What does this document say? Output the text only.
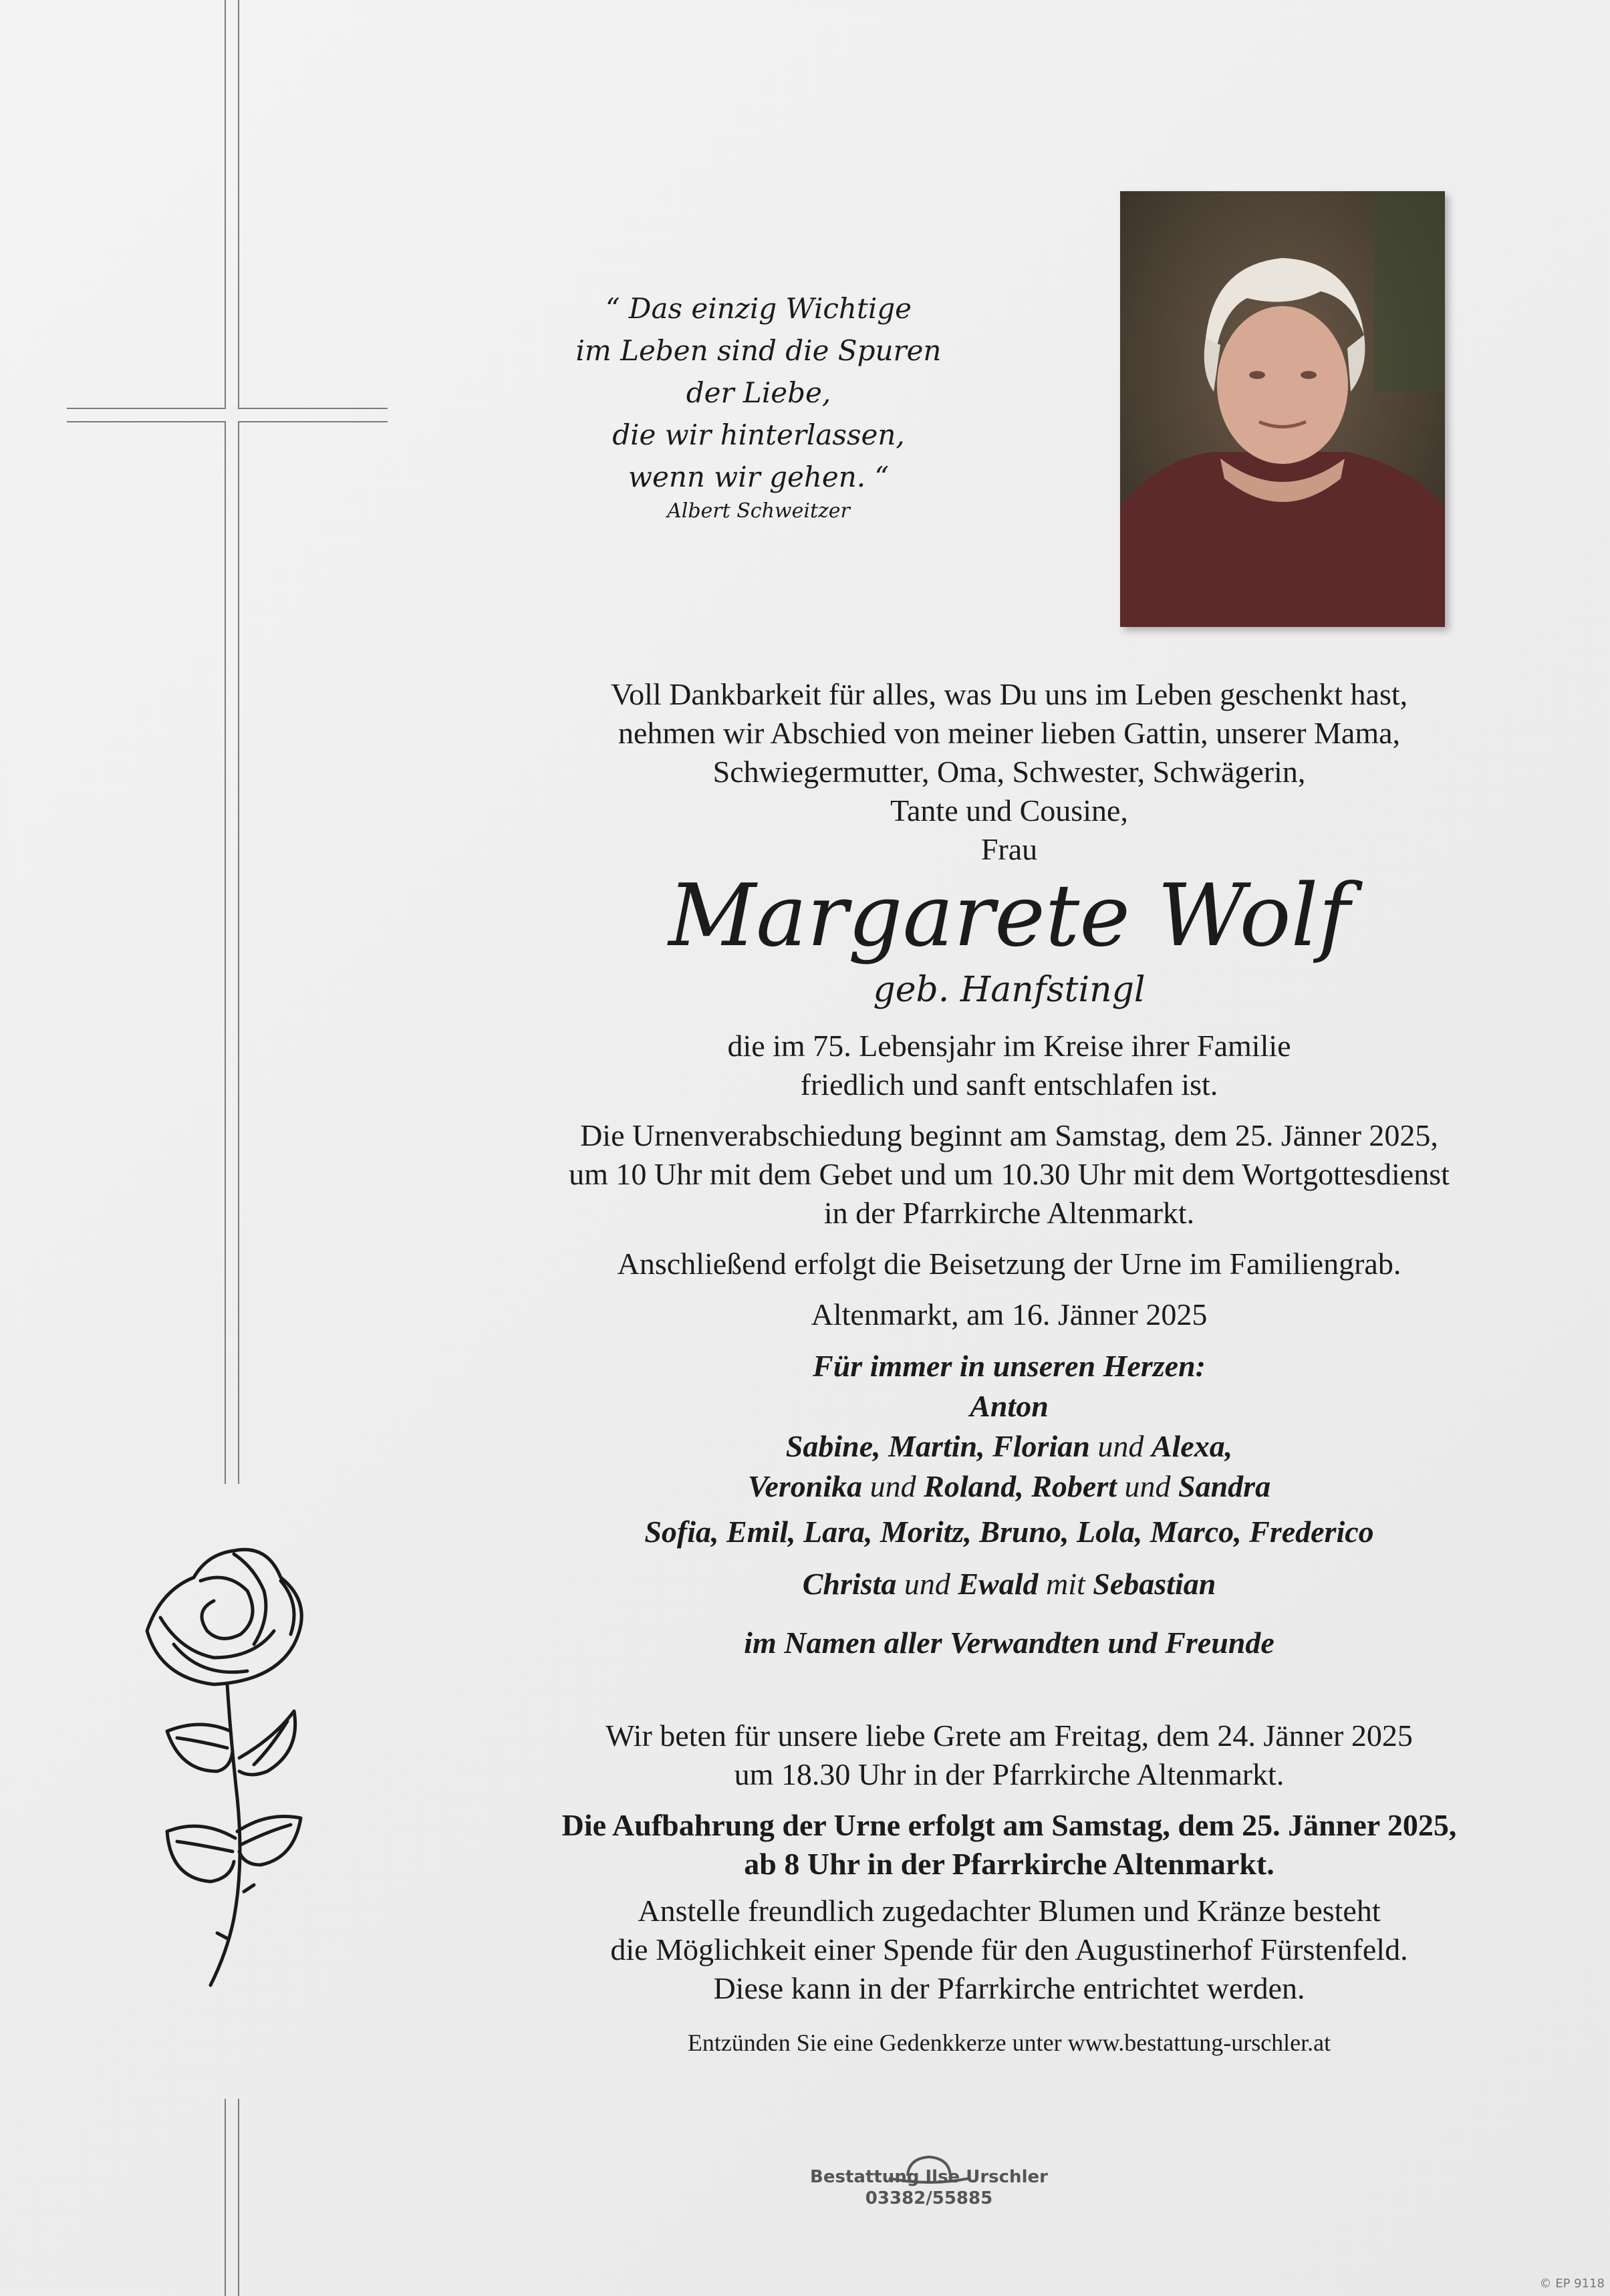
“ Das einzig Wichtige
im Leben sind die Spuren
der Liebe,
die wir hinterlassen,
wenn wir gehen. “
Albert Schweitzer
Voll Dankbarkeit für alles, was Du uns im Leben geschenkt hast,
nehmen wir Abschied von meiner lieben Gattin, unserer Mama,
Schwiegermutter, Oma, Schwester, Schwägerin,
Tante und Cousine,
Frau
Margarete Wolf
geb. Hanfstingl
die im 75. Lebensjahr im Kreise ihrer Familie
friedlich und sanft entschlafen ist.
Die Urnenverabschiedung beginnt am Samstag, dem 25. Jänner 2025,
um 10 Uhr mit dem Gebet und um 10.30 Uhr mit dem Wortgottesdienst
in der Pfarrkirche Altenmarkt.
Anschließend erfolgt die Beisetzung der Urne im Familiengrab.
Altenmarkt, am 16. Jänner 2025
Für immer in unseren Herzen:
Anton
Sabine, Martin, Florian und Alexa,
Veronika und Roland, Robert und Sandra
Sofia, Emil, Lara, Moritz, Bruno, Lola, Marco, Frederico
Christa und Ewald mit Sebastian
im Namen aller Verwandten und Freunde
Wir beten für unsere liebe Grete am Freitag, dem 24. Jänner 2025
um 18.30 Uhr in der Pfarrkirche Altenmarkt.
Die Aufbahrung der Urne erfolgt am Samstag, dem 25. Jänner 2025,
ab 8 Uhr in der Pfarrkirche Altenmarkt.
Anstelle freundlich zugedachter Blumen und Kränze besteht
die Möglichkeit einer Spende für den Augustinerhof Fürstenfeld.
Diese kann in der Pfarrkirche entrichtet werden.
Entzünden Sie eine Gedenkkerze unter www.bestattung-urschler.at
Bestattung Ilse Urschler
03382/55885
© EP 9118
